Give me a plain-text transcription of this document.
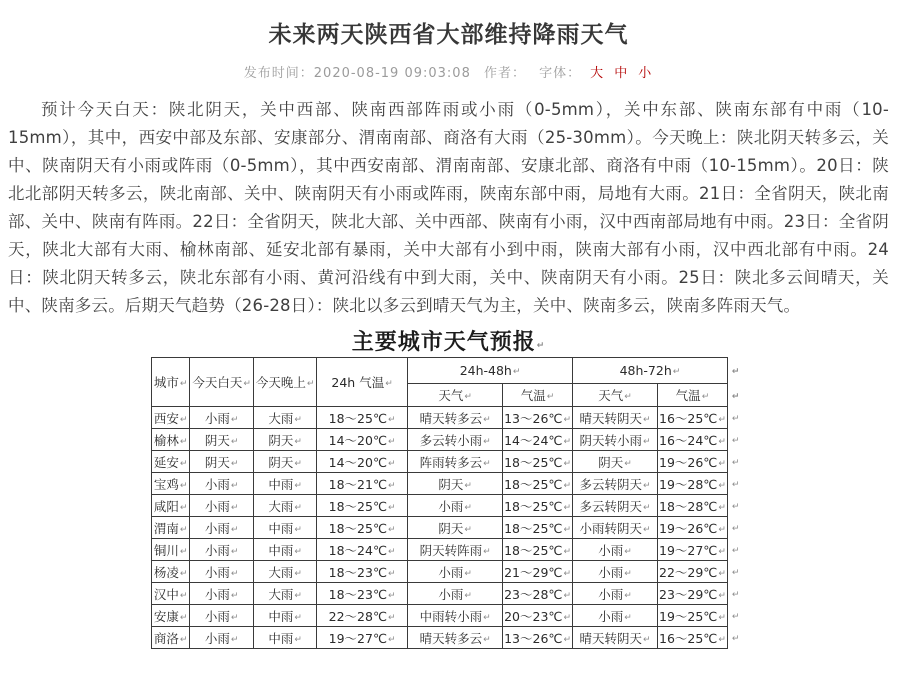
未来两天陕西省大部维持降雨天气
发布时间：2020-08-19 09:03:08 作者： 字体： 大 中 小

预计今天白天：陕北阴天，关中西部、陕南西部阵雨或小雨（0-5mm），关中东部、陕南东部有中雨（10-15mm），其中，西安中部及东部、安康部分、渭南南部、商洛有大雨（25-30mm）。今天晚上：陕北阴天转多云，关中、陕南阴天有小雨或阵雨（0-5mm），其中西安南部、渭南南部、安康北部、商洛有中雨（10-15mm）。20日：陕北北部阴天转多云，陕北南部、关中、陕南阴天有小雨或阵雨，陕南东部中雨，局地有大雨。21日：全省阴天，陕北南部、关中、陕南有阵雨。22日：全省阴天，陕北大部、关中西部、陕南有小雨，汉中西南部局地有中雨。23日：全省阴天，陕北大部有大雨、榆林南部、延安北部有暴雨，关中大部有小到中雨，陕南大部有小雨，汉中西北部有中雨。24日：陕北阴天转多云，陕北东部有小雨、黄河沿线有中到大雨，关中、陕南阴天有小雨。25日：陕北多云间晴天，关中、陕南多云。后期天气趋势（26-28日）：陕北以多云到晴天气为主，关中、陕南多云，陕南多阵雨天气。

主要城市天气预报↵
城市↵	今天白天↵	今天晚上↵	24h 气温↵	24h-48h↵		48h-72h↵		↵
				天气↵	气温↵	天气↵	气温↵	↵
西安↵	小雨↵	大雨↵	18～25℃↵	晴天转多云↵	13～26℃↵	晴天转阴天↵	16～25℃↵	↵
榆林↵	阴天↵	阴天↵	14～20℃↵	多云转小雨↵	14～24℃↵	阴天转小雨↵	16～24℃↵	↵
延安↵	阴天↵	阴天↵	14～20℃↵	阵雨转多云↵	18～25℃↵	阴天↵	19～26℃↵	↵
宝鸡↵	小雨↵	中雨↵	18～21℃↵	阴天↵	18～25℃↵	多云转阴天↵	19～28℃↵	↵
咸阳↵	小雨↵	大雨↵	18～25℃↵	小雨↵	18～25℃↵	多云转阴天↵	18～28℃↵	↵
渭南↵	小雨↵	中雨↵	18～25℃↵	阴天↵	18～25℃↵	小雨转阴天↵	19～26℃↵	↵
铜川↵	小雨↵	中雨↵	18～24℃↵	阴天转阵雨↵	18～25℃↵	小雨↵	19～27℃↵	↵
杨凌↵	小雨↵	大雨↵	18～23℃↵	小雨↵	21～29℃↵	小雨↵	22～29℃↵	↵
汉中↵	小雨↵	大雨↵	18～23℃↵	小雨↵	23～28℃↵	小雨↵	23～29℃↵	↵
安康↵	小雨↵	中雨↵	22～28℃↵	中雨转小雨↵	20～23℃↵	小雨↵	19～25℃↵	↵
商洛↵	小雨↵	中雨↵	19～27℃↵	晴天转多云↵	13～26℃↵	晴天转阴天↵	16～25℃↵	↵
